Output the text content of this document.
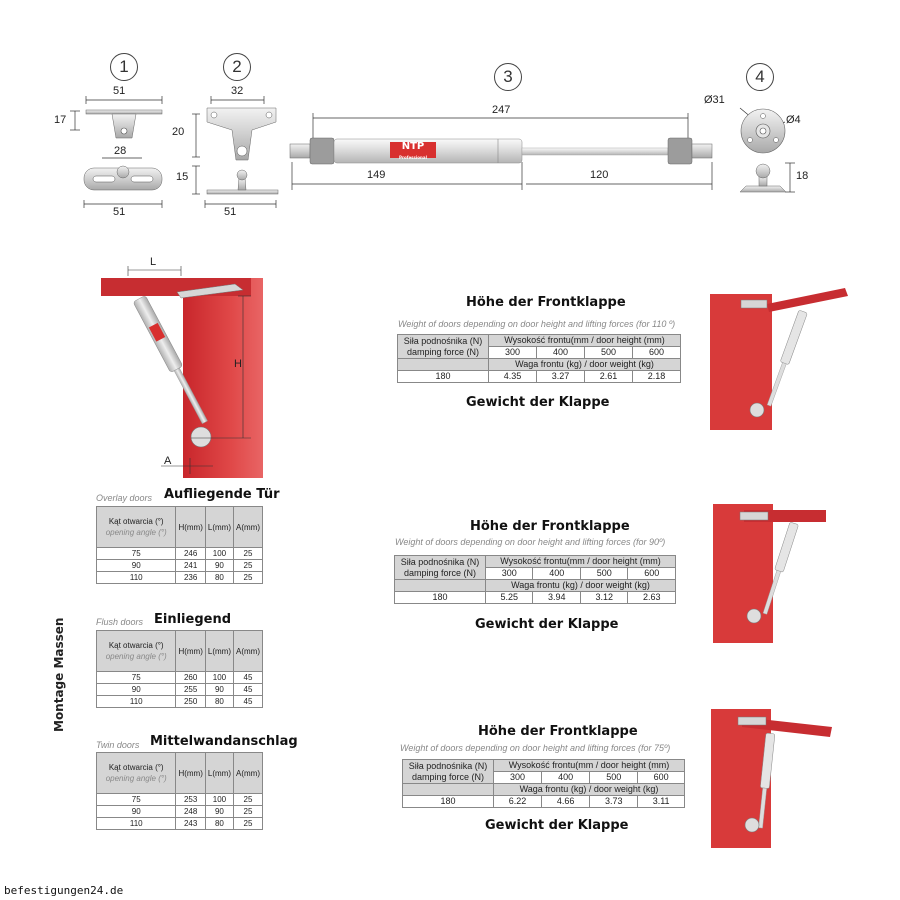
1	2
3	4
51
17
28
51
32
20
15
51
247
149	120
NTP
Professional
Ø31
Ø4
18
L
H
A
Montage Massen
Overlay doors Aufliegende Tür
Kąt otwarcia (°)
opening angle (°)	H(mm)	L(mm)	A(mm)
75	246	100	25
90	241	90	25
110	236	80	25
Flush doors Einliegend
Kąt otwarcia (°)
opening angle (°)	H(mm)	L(mm)	A(mm)
75	260	100	45
90	255	90	45
110	250	80	45
Twin doors Mittelwandanschlag
Kąt otwarcia (°)
opening angle (°)	H(mm)	L(mm)	A(mm)
75	253	100	25
90	248	90	25
110	243	80	25
Höhe der Frontklappe
Weight of doors depending on door height and lifting forces (for 110 º)
Siła podnośnika (N)
damping force (N)	Wysokość frontu(mm / door height (mm)			
	300	400	500	600
	Waga frontu (kg) / door weight (kg)			
180	4.35	3.27	2.61	2.18
Gewicht der Klappe
Höhe der Frontklappe
Weight of doors depending on door height and lifting forces (for 90º)
Siła podnośnika (N)
damping force (N)	Wysokość frontu(mm / door height (mm)			
	300	400	500	600
	Waga frontu (kg) / door weight (kg)			
180	5.25	3.94	3.12	2.63
Gewicht der Klappe
Höhe der Frontklappe
Weight of doors depending on door height and lifting forces (for 75º)
Siła podnośnika (N)
damping force (N)	Wysokość frontu(mm / door height (mm)			
	300	400	500	600
	Waga frontu (kg) / door weight (kg)			
180	6.22	4.66	3.73	3.11
Gewicht der Klappe
befestigungen24.de
